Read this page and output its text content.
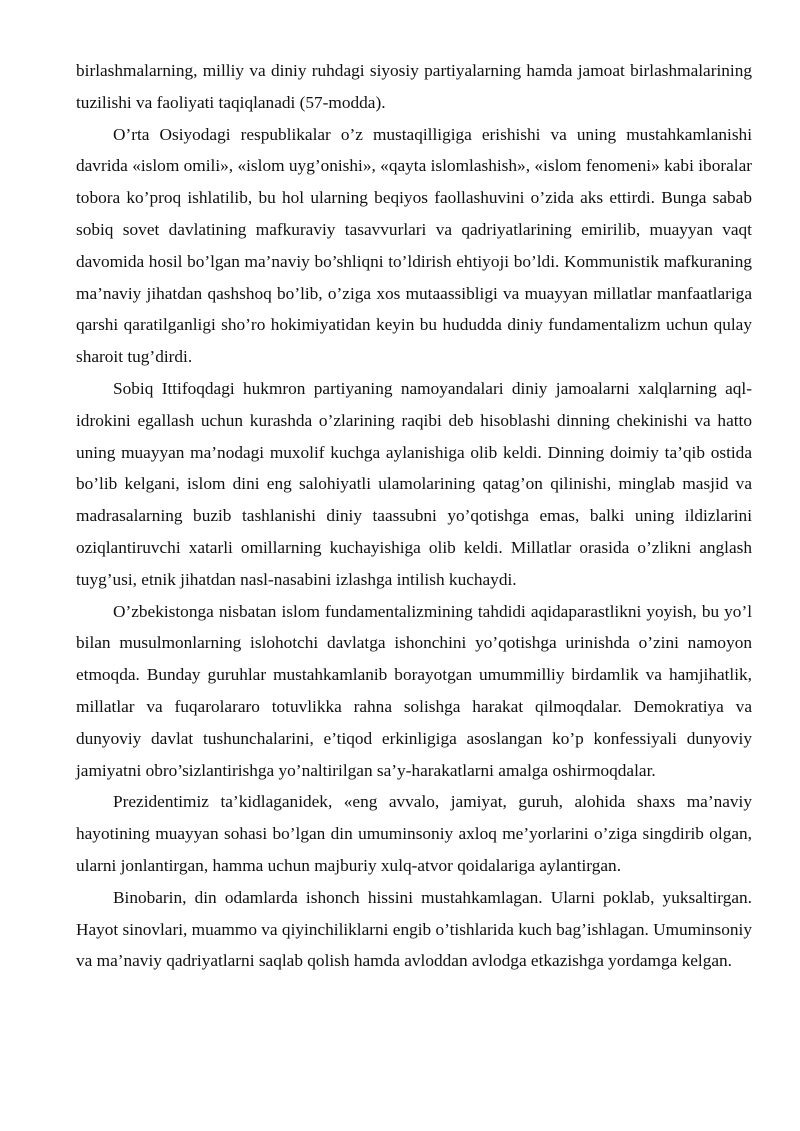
birlashmalarning, milliy va diniy ruhdagi siyosiy partiyalarning hamda jamoat birlashmalarining tuzilishi va faoliyati taqiqlanadi (57-modda).

O’rta Osiyodagi respublikalar o’z mustaqilligiga erishishi va uning mustahkamlanishi davrida «islom omili», «islom uyg’onishi», «qayta islomlashish», «islom fenomeni» kabi iboralar tobora ko’proq ishlatilib, bu hol ularning beqiyos faollashuvini o’zida aks ettirdi. Bunga sabab sobiq sovet davlatining mafkuraviy tasavvurlari va qadriyatlarining emirilib, muayyan vaqt davomida hosil bo’lgan ma’naviy bo’shliqni to’ldirish ehtiyoji bo’ldi. Kommunistik mafkuraning ma’naviy jihatdan qashshoq bo’lib, o’ziga xos mutaassibligi va muayyan millatlar manfaatlariga qarshi qaratilganligi sho’ro hokimiyatidan keyin bu hududda diniy fundamentalizm uchun qulay sharoit tug’dirdi.

Sobiq Ittifoqdagi hukmron partiyaning namoyandalari diniy jamoalarni xalqlarning aql-idrokini egallash uchun kurashda o’zlarining raqibi deb hisoblashi dinning chekinishi va hatto uning muayyan ma’nodagi muxolif kuchga aylanishiga olib keldi. Dinning doimiy ta’qib ostida bo’lib kelgani, islom dini eng salohiyatli ulamolarining qatag’on qilinishi, minglab masjid va madrasalarning buzib tashlanishi diniy taassubni yo’qotishga emas, balki uning ildizlarini oziqlantiruvchi xatarli omillarning kuchayishiga olib keldi. Millatlar orasida o’zlikni anglash tuyg’usi, etnik jihatdan nasl-nasabini izlashga intilish kuchaydi.

O’zbekistonga nisbatan islom fundamentalizmining tahdidi aqidaparastlikni yoyish, bu yo’l bilan musulmonlarning islohotchi davlatga ishonchini yo’qotishga urinishda o’zini namoyon etmoqda. Bunday guruhlar mustahkamlanib borayotgan umummilliy birdamlik va hamjihatlik, millatlar va fuqarolararo totuvlikka rahna solishga harakat qilmoqdalar. Demokratiya va dunyoviy davlat tushunchalarini, e’tiqod erkinligiga asoslangan ko’p konfessiyali dunyoviy jamiyatni obro’sizlantirishga yo’naltirilgan sa’y-harakatlarni amalga oshirmoqdalar.

Prezidentimiz ta’kidlaganidek, «eng avvalo, jamiyat, guruh, alohida shaxs ma’naviy hayotining muayyan sohasi bo’lgan din umuminsoniy axloq me’yorlarini o’ziga singdirib olgan, ularni jonlantirgan, hamma uchun majburiy xulq-atvor qoidalariga aylantirgan.

Binobarin, din odamlarda ishonch hissini mustahkamlagan. Ularni poklab, yuksaltirgan. Hayot sinovlari, muammo va qiyinchiliklarni engib o’tishlarida kuch bag’ishlagan. Umuminsoniy va ma’naviy qadriyatlarni saqlab qolish hamda avloddan avlodga etkazishga yordamga kelgan.
